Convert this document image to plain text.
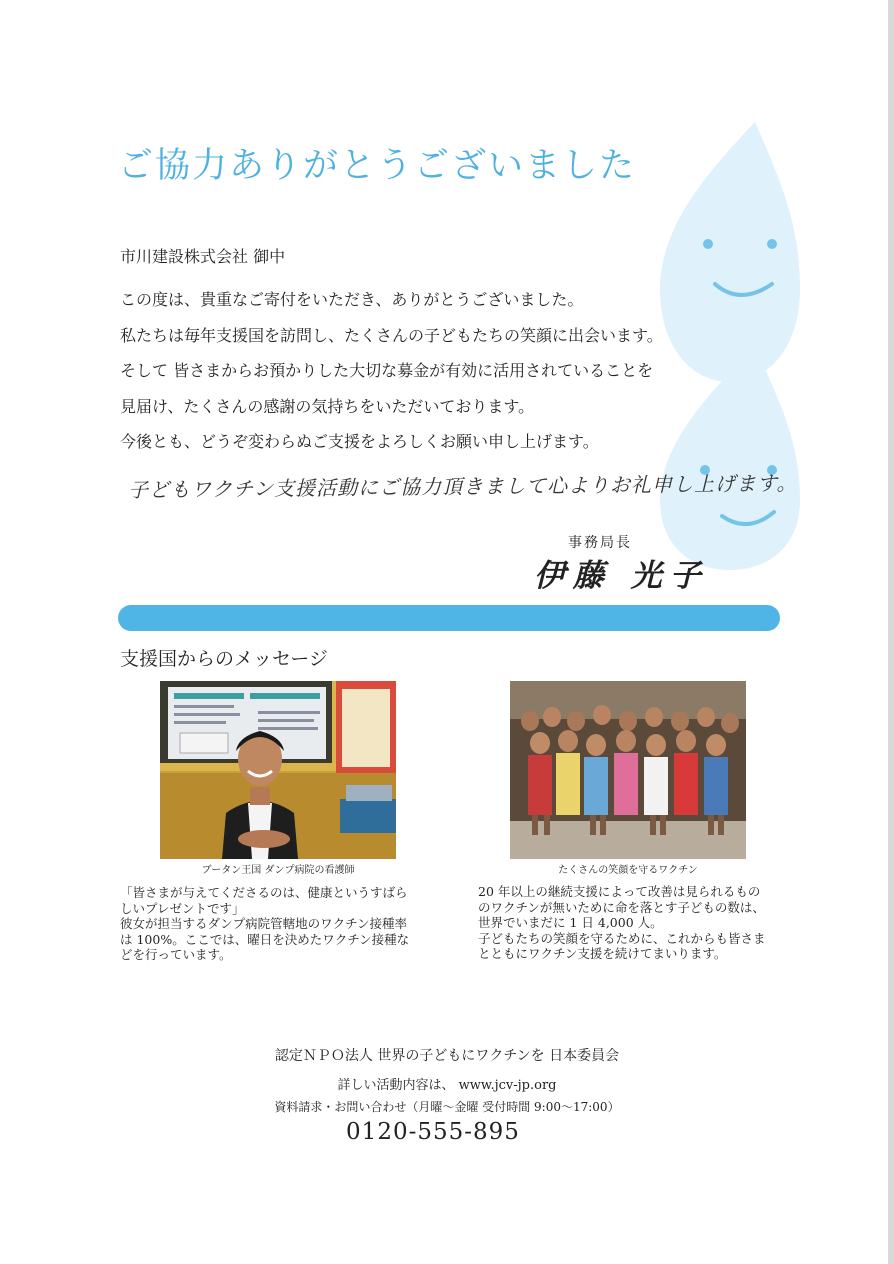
ご協力ありがとうございました
市川建設株式会社 御中

この度は、貴重なご寄付をいただき、ありがとうございました。

私たちは毎年支援国を訪問し、たくさんの子どもたちの笑顔に出会います。

そして 皆さまからお預かりした大切な募金が有効に活用されていることを

見届け、たくさんの感謝の気持ちをいただいております。

今後とも、どうぞ変わらぬご支援をよろしくお願い申し上げます。

子どもワクチン支援活動にご協力頂きまして心よりお礼申し上げます。
事務局長
伊藤 光子
支援国からのメッセージ
ブータン王国 ダンプ病院の看護師	たくさんの笑顔を守るワクチン

「皆さまが与えてくださるのは、健康というすばら

しいプレゼントです」

彼女が担当するダンプ病院管轄地のワクチン接種率

は 100%。ここでは、曜日を決めたワクチン接種な

どを行っています。

20 年以上の継続支援によって改善は見られるもの

のワクチンが無いために命を落とす子どもの数は、

世界でいまだに 1 日 4,000 人。

子どもたちの笑顔を守るために、これからも皆さま

とともにワクチン支援を続けてまいります。

認定ＮＰＯ法人 世界の子どもにワクチンを 日本委員会
詳しい活動内容は、 www.jcv-jp.org
資料請求・お問い合わせ（月曜～金曜 受付時間 9:00～17:00）
0120-555-895
